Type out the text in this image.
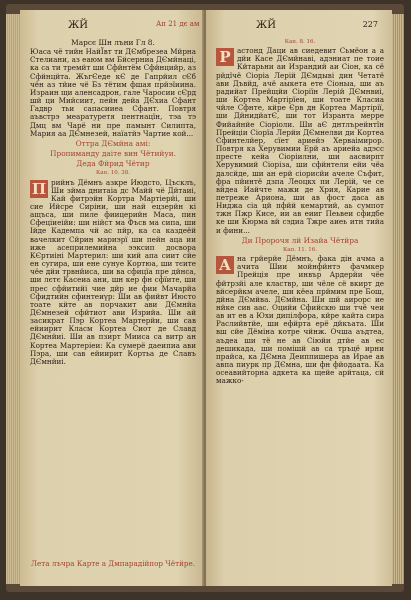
ЖЙ	Ап 21 дє ам
Марсє Шн лъни Гл 8.

Юаса чё тийн НайЇвт ти ДЄмбрезеа Мйрна Стелиани, аз еаюм вм Бйсерниа ДЄмйнаці, ка са ти тремйт ши Сфйнтём Сфйнцийр, аз Сфйнцйта. ЖъгЄеде кЄ де Гапрйил сЄб чён аз тйие чё Бз тётим фшая прйэїиина. Израин щи аленсадрон, гале Чаросии сЄрд шй ци Мийсиит, пейн дейа ДЄхиа Сфант Гадвр тьи сапасииеа Сфант. Повтря аъвстрэ меаратуретя пентнацїн, тэа тэ Дмц вм Чарё ни пре памынт Силипта, Мария аа ДЄмнезей, наїатйэ Чартие кой...

Оттра ДЄмйна амі:
Пропиманду даіте вин Чётийуи.
Деда Фйрид Чётир
Кап. 10. 38.

П рийнъ Дёмнъ азкре Июдсто, Цъсклъ, Ши зйма днитаіа дс Майй чё Дйтаиі, Кай фитрэйн Кортра Мартіерйі, ши сие Ийсре Сиріни, ши най ецзерйн кі ащъса, ши пиле фиицерийн Маса, пин Сфеціиеійи: ши нійст ма Фъсв ма сипа, ши Ійде Кадемпа чй ас пйр, ка са каздеёй вачелкит Сйрин мариэрї ши пейн аца ии иже асеприлемийна ээксип досвора КЄртиіні Мартерил: ши кий апа сиит сйе ен сугира, ши ене сунуе Кортюа, ши тєите чёе дйи трвнйиса, ши ва сфицїа пре дйнса, ши лєтє Касеиа ани, шн кер фн сфїите, ши прес сфйитийі чие дйр ие фии Мачарйа Сфидтийн сфинтеиүр: Ши ав фийвт Июсто тоате кйте ав порчакит ави ДЄмнйа ДЄмнезей сфйтиот ави Изрийа. Ши ай засикрат Пэр Кортеа Мартерйи, ши сав ейиирит Класм Кортеа Сиот де Славд ДЄмнйиі. Ши ав пзирт Мииса са витр ан Кортеа Мартеріеи: Ка сумерё даеипиа ави Пэра, ши сав ейиирит Кортьа де Славъ ДЄмнйиі.

Лета лъчра Карте а Дмпарадійпор Чётйре.
ЖЙ	227
Кап. 8. 16.

Р астонд Даци ав сиедевит Сьмёон а а дйи Касе ДЄмйнаві, адэниат пе тоие Кйтарьни аи Израндий аи Сіон, ка сё рйдїчё Сіоріа Лерій ДЄмдыві дин Четатё ави Дъвйд, ачё аыкета ете Сіоныа, ши аъ радийат Прейщйи Сіоріїн Лерій ДЄмнвиі, ши Кортеа Мартірїеи, ши тоате Класиа чйле Сфнте, кйре Єрв дн Кортеа Мартірії, ши ДйнидйатЄ, ши тот Изранта мерре Фийайнйе Сіоріоли. Ши аЄ днтлърейнтїн Прейціи Сіорїа Лерйи ДЄмнелви ди Кортеа Сфинтелйер, сїет ариейэ Херваімирор. Повтря ка Херувимии Ерй аъ ариейа адэсс престе кейа Сіоріилни, ши аасвирпт Херувимий Сіоріза, ши сфйнтели ейи чёа далсйде, ши ан ерй сіорисйи ачеле Съфит, фра пйинтё дзпа Леоцкх пи Лерій, че се вйдеа Иайчте мажи де Хрия, Карие ав петреже Ариона, ши ав фост даса ав Ниджа сіа цй пфйй кемартий, аь сумпот тжн Пжр Кисе, ии ав еииг Пеьвеи сфидбе ке ши Кюрма вй сэдиа Тжре аиеь итн тийа и фини...

Ди Пророчя лй Изайа Чётйра
Кап. 11. 16.

А на грйерйе Дёмнъ, фака дін ачма а ачита Шии мойнфйнтэ фачмкер Прейція пре инвър Ардерйи чёе фйтрзйі але кластвр, ши чёле сё вкирт де вйсерйкм ачеле, ши кёеа прймим пре Бош, дйна ДЄмйва. ДЄмйна. Ши шй аирорс ие нйке сив аас. Оцийи Сфийскю ши тчё чеи ав ит ев а Юхи дипілфора, кйре кайта сира Раслийвтйе, ши ефйрта ерё дйкъата. Ши вш сйе Дёміна котре чйнж. Очша аъдтеа, аъдеа ши тё не ав Сіюйи дтйе ав ес дешикада, ши помішй ав са тръцё ирни прайса, ка ДЄмна Деиппишера ав Ирае ав авпа пиурк пр ДЄмна, ши фн фйодаата. Ка осеавийторна адкета ка щейе арйтаца, сй мажко-
